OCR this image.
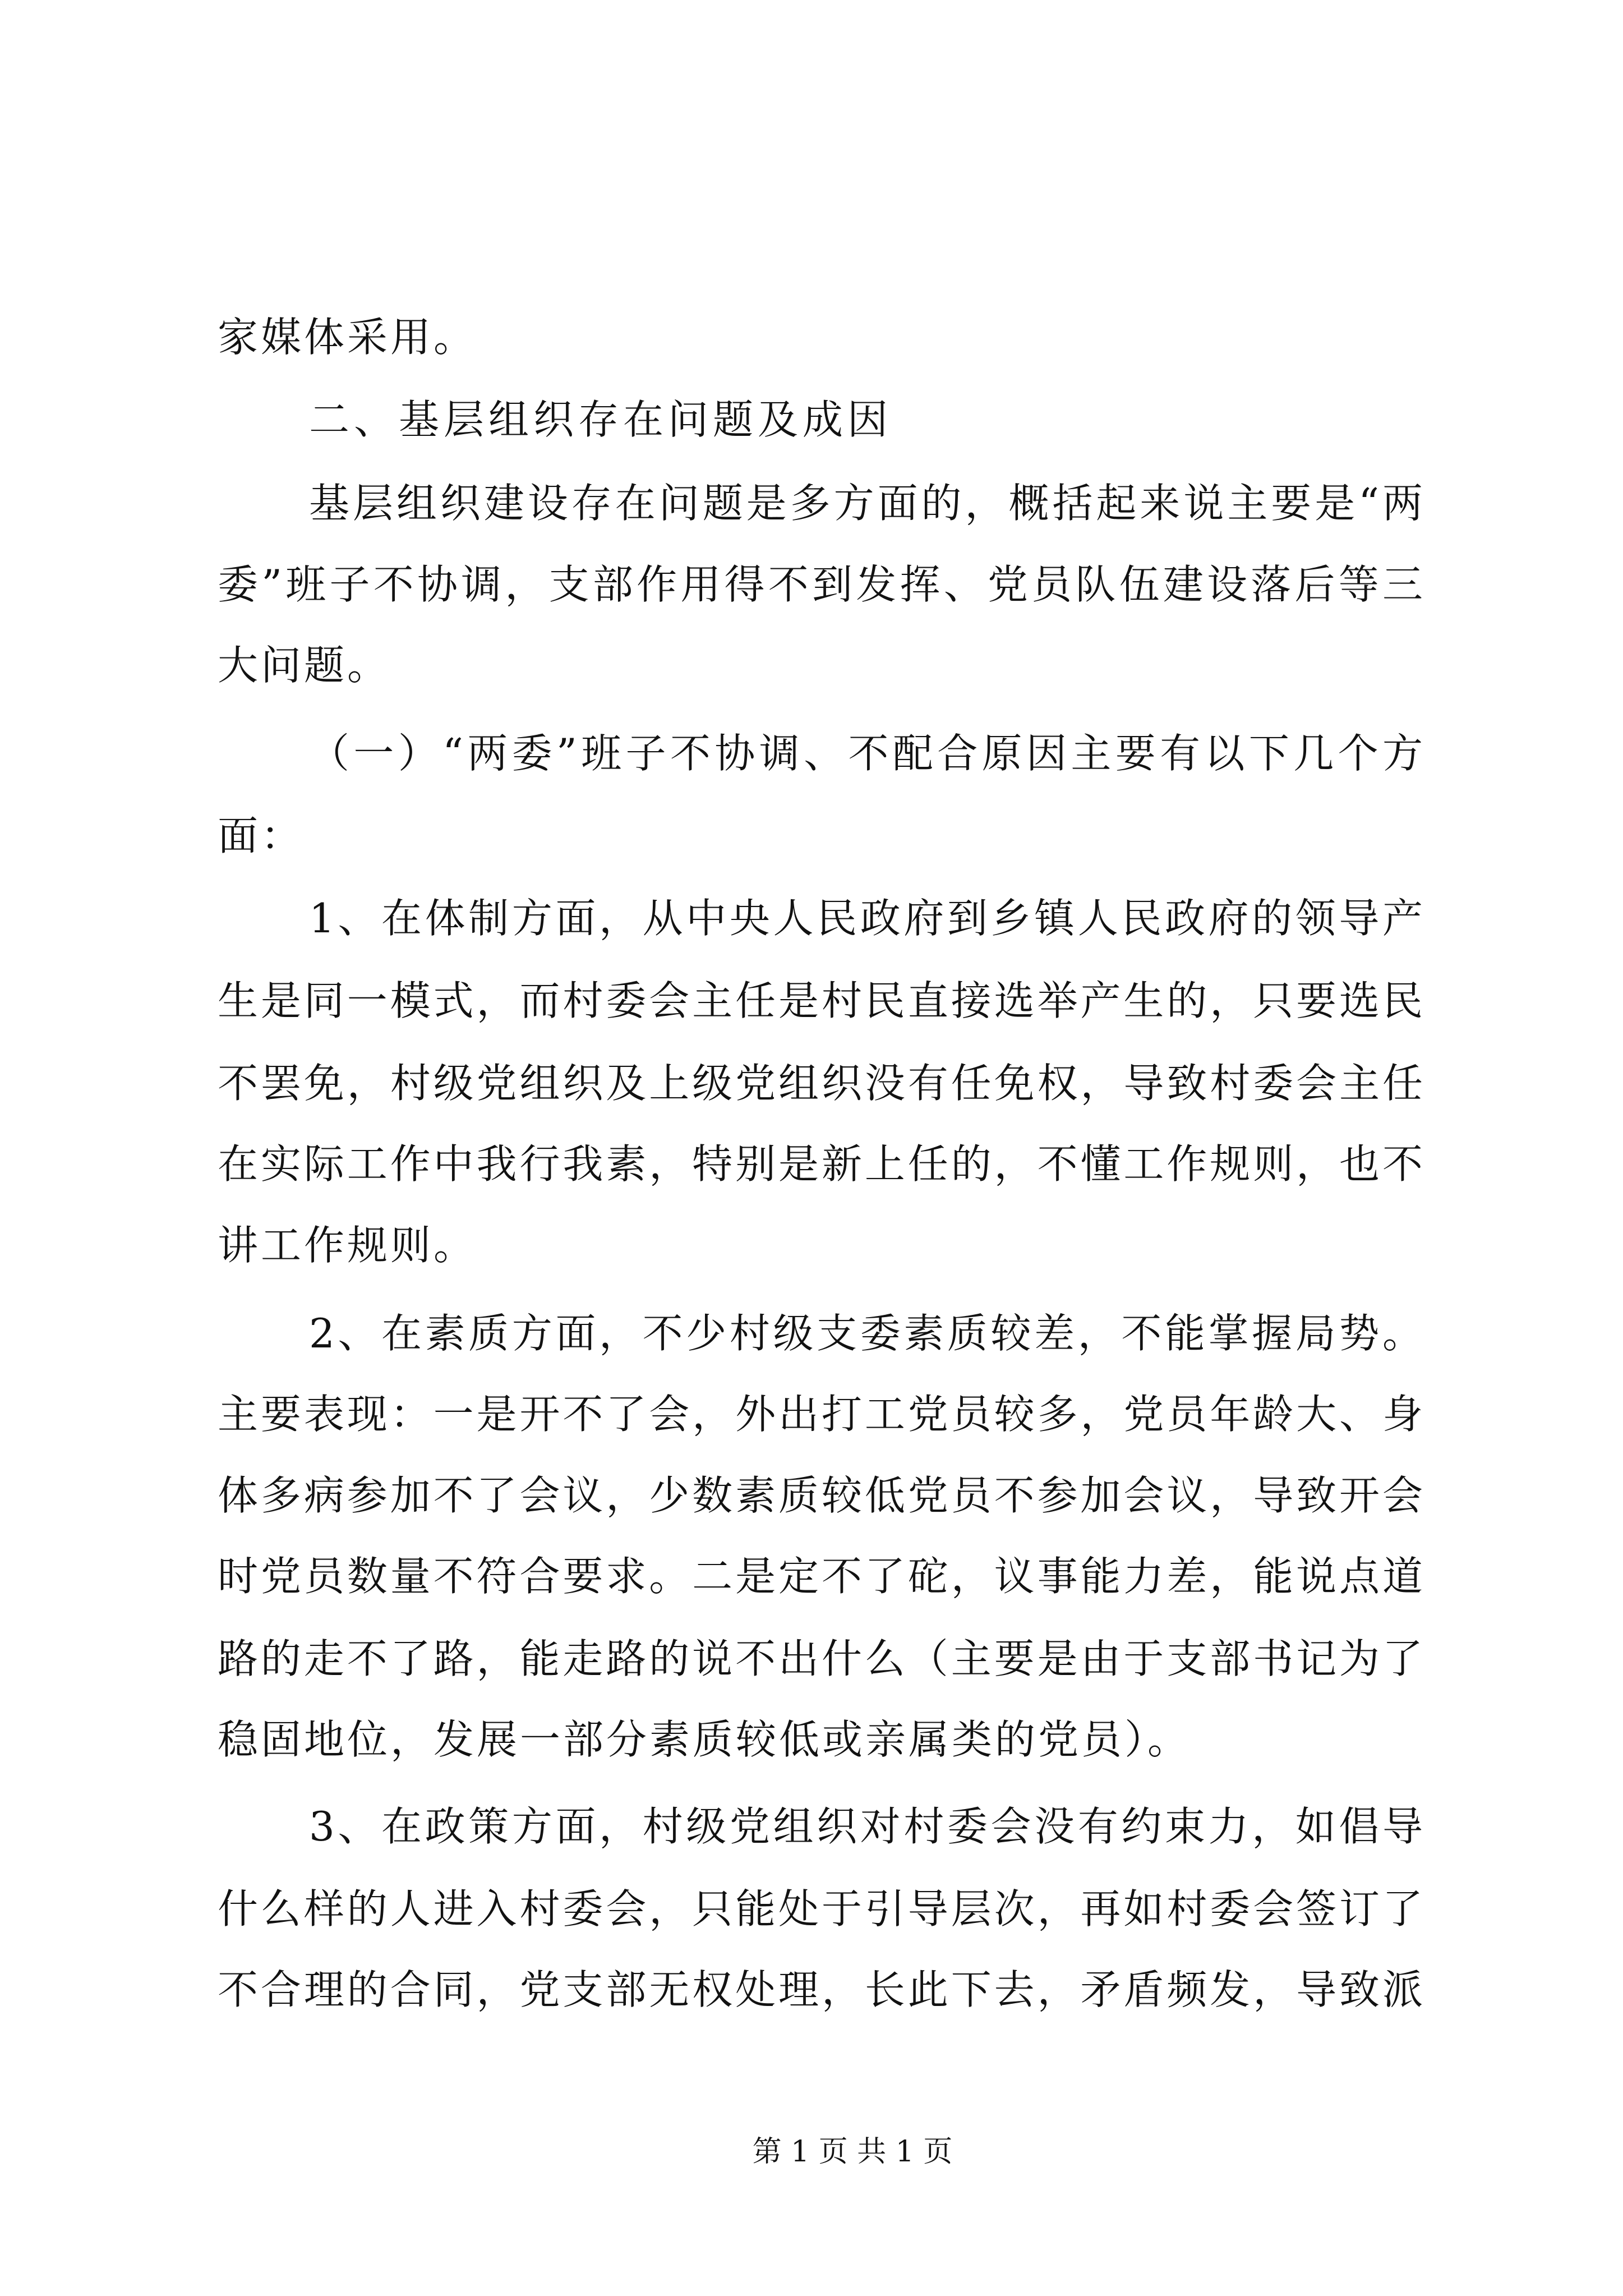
家媒体采用。
二、基层组织存在问题及成因
基层组织建设存在问题是多方面的，概括起来说主要是“两
委”班子不协调，支部作用得不到发挥、党员队伍建设落后等三
大问题。
（一）“两委”班子不协调、不配合原因主要有以下几个方
面：
1、在体制方面，从中央人民政府到乡镇人民政府的领导产
生是同一模式，而村委会主任是村民直接选举产生的，只要选民
不罢免，村级党组织及上级党组织没有任免权，导致村委会主任
在实际工作中我行我素，特别是新上任的，不懂工作规则，也不
讲工作规则。
2、在素质方面，不少村级支委素质较差，不能掌握局势。
主要表现：一是开不了会，外出打工党员较多，党员年龄大、身
体多病参加不了会议，少数素质较低党员不参加会议，导致开会
时党员数量不符合要求。二是定不了砣，议事能力差，能说点道
路的走不了路，能走路的说不出什么（主要是由于支部书记为了
稳固地位，发展一部分素质较低或亲属类的党员）。
3、在政策方面，村级党组织对村委会没有约束力，如倡导
什么样的人进入村委会，只能处于引导层次，再如村委会签订了
不合理的合同，党支部无权处理，长此下去，矛盾频发，导致派
第 1 页 共 1 页
